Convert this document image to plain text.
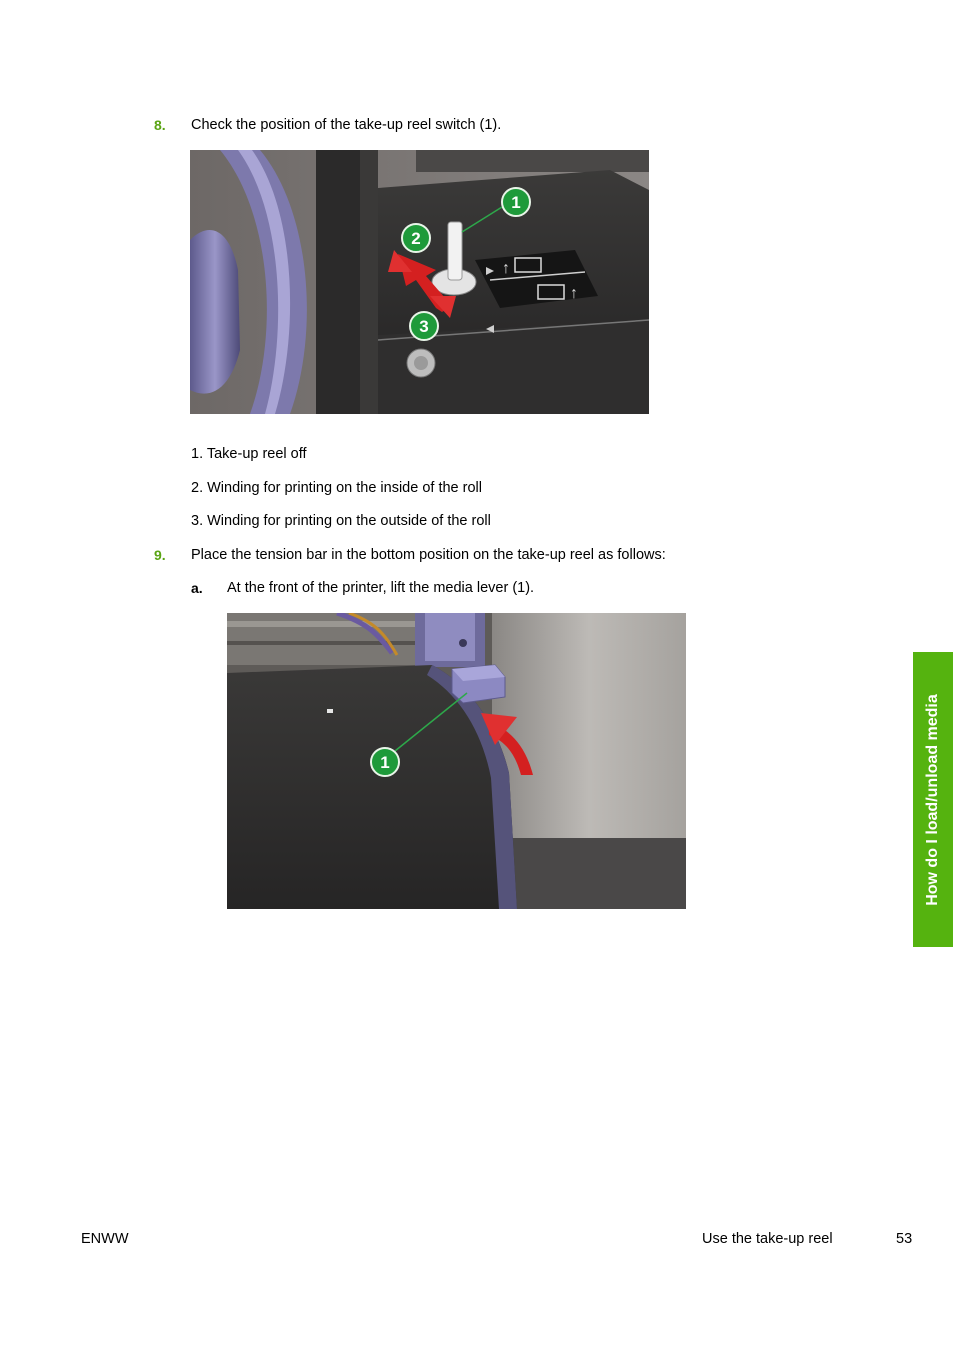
8. Check the position of the take-up reel switch (1).
↑
↑
1
2
3
1. Take-up reel off
2. Winding for printing on the inside of the roll
3. Winding for printing on the outside of the roll
9. Place the tension bar in the bottom position on the take-up reel as follows:
a. At the front of the printer, lift the media lever (1).
1	How do I load/unload media
ENWW	Use the take-up reel	53
